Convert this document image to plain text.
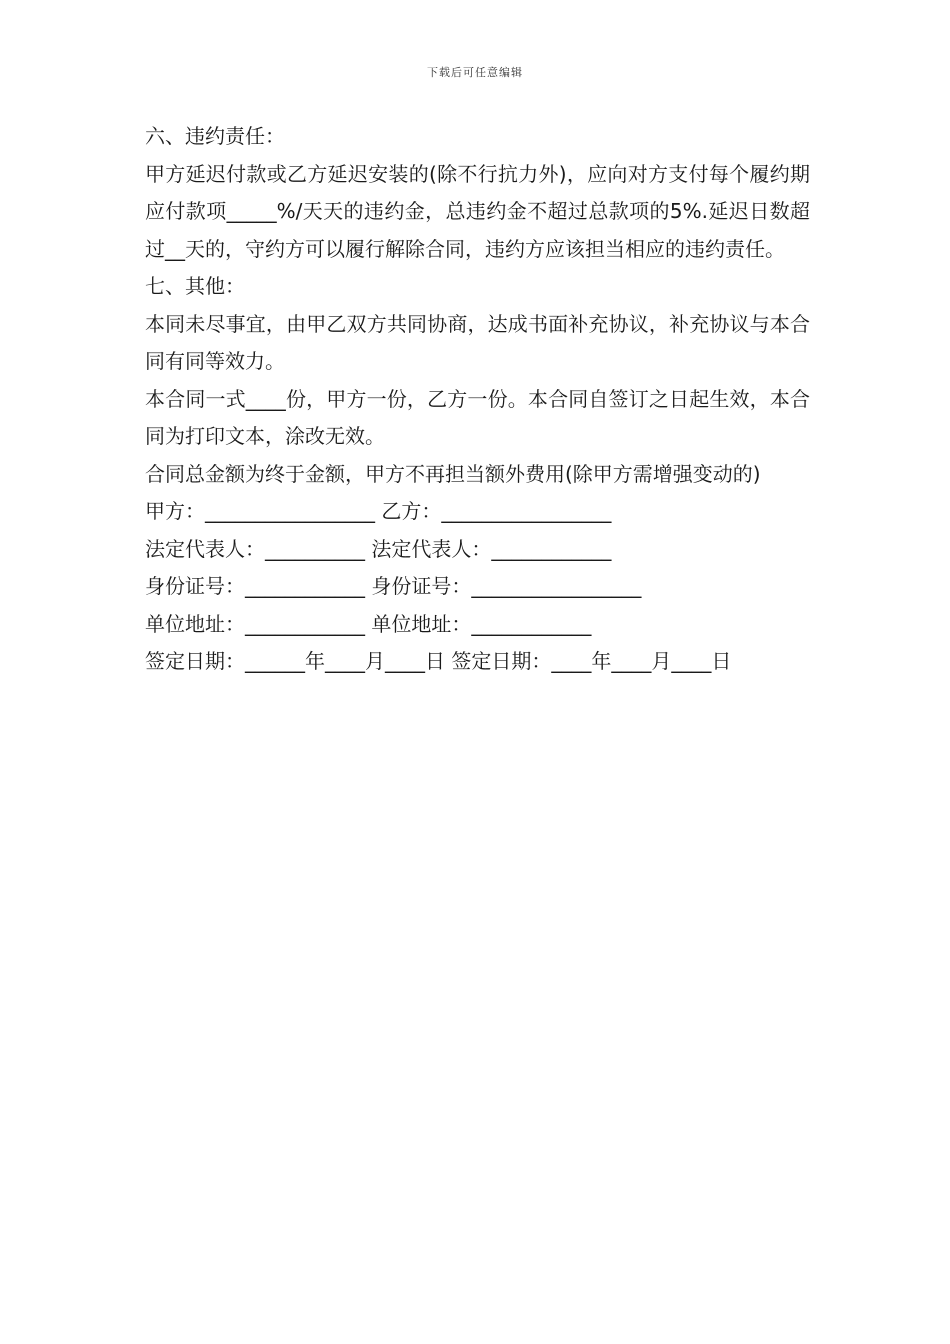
下载后可任意编辑

六、违约责任：

甲方延迟付款或乙方延迟安装的(除不行抗力外)，应向对方支付每个履约期应付款项_____%/天天的违约金，总违约金不超过总款项的5%.延迟日数超过__天的，守约方可以履行解除合同，违约方应该担当相应的违约责任。

七、其他：

本同未尽事宜，由甲乙双方共同协商，达成书面补充协议，补充协议与本合同有同等效力。

本合同一式____份，甲方一份，乙方一份。本合同自签订之日起生效，本合同为打印文本，涂改无效。

合同总金额为终于金额，甲方不再担当额外费用(除甲方需增强变动的)

甲方：_________________ 乙方：_________________

法定代表人：__________ 法定代表人：____________

身份证号：____________ 身份证号：_________________

单位地址：____________ 单位地址：____________

签定日期：______年____月____日 签定日期：____年____月____日
